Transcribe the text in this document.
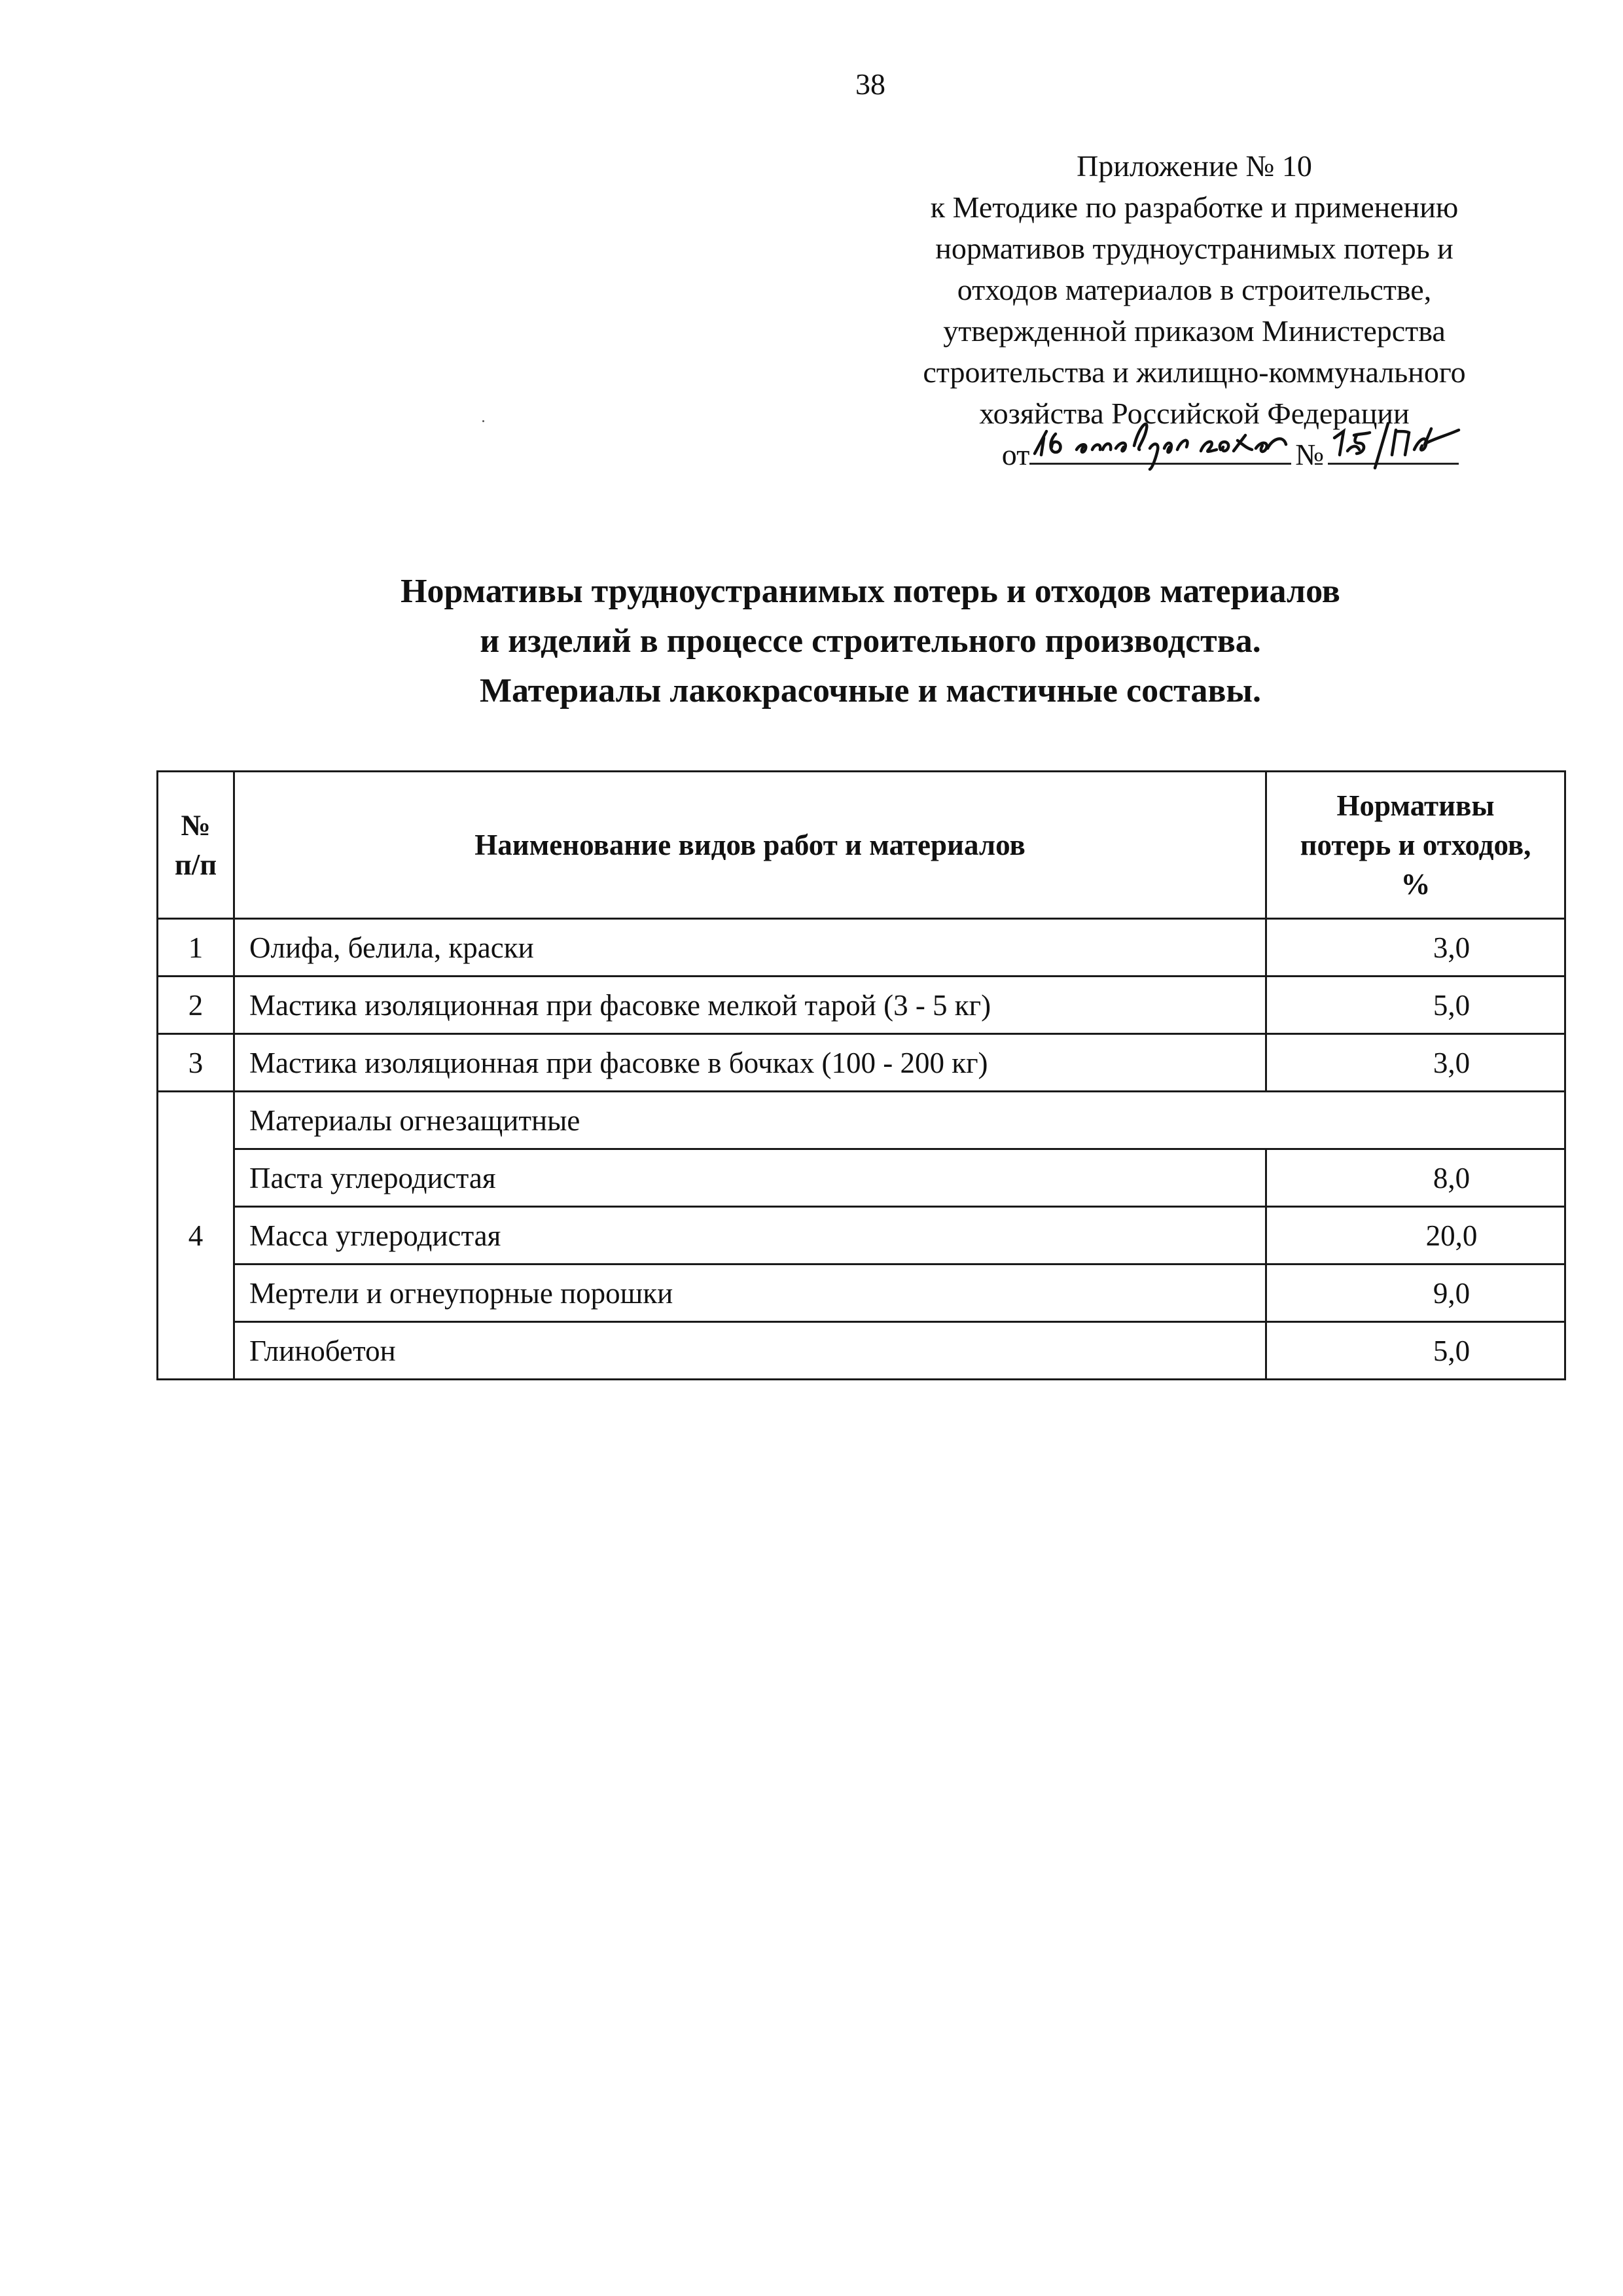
38
Приложение № 10
к Методике по разработке и применению
нормативов трудноустранимых потерь и
отходов материалов в строительстве,
утвержденной приказом Министерства
строительства и жилищно-коммунального
хозяйства Российской Федерации
от	№
Нормативы трудноустранимых потерь и отходов материалов
и изделий в процессе строительного производства.
Материалы лакокрасочные и мастичные составы.
№
п/п	Наименование видов работ и материалов	Нормативы
потерь и отходов,
%
1	Олифа, белила, краски	3,0
2	Мастика изоляционная при фасовке мелкой тарой (3 - 5 кг)	5,0
3	Мастика изоляционная при фасовке в бочках (100 - 200 кг)	3,0
4	Материалы огнезащитные	
	Паста углеродистая	8,0
	Масса углеродистая	20,0
	Мертели и огнеупорные порошки	9,0
	Глинобетон	5,0
